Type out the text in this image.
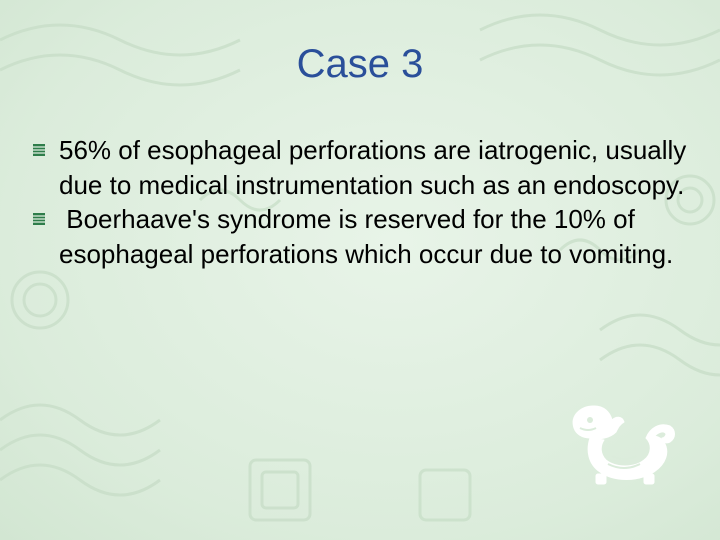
Case 3
56% of esophageal perforations are iatrogenic, usually due to medical instrumentation such as an endoscopy.
Boerhaave's syndrome is reserved for the 10% of esophageal perforations which occur due to vomiting.
